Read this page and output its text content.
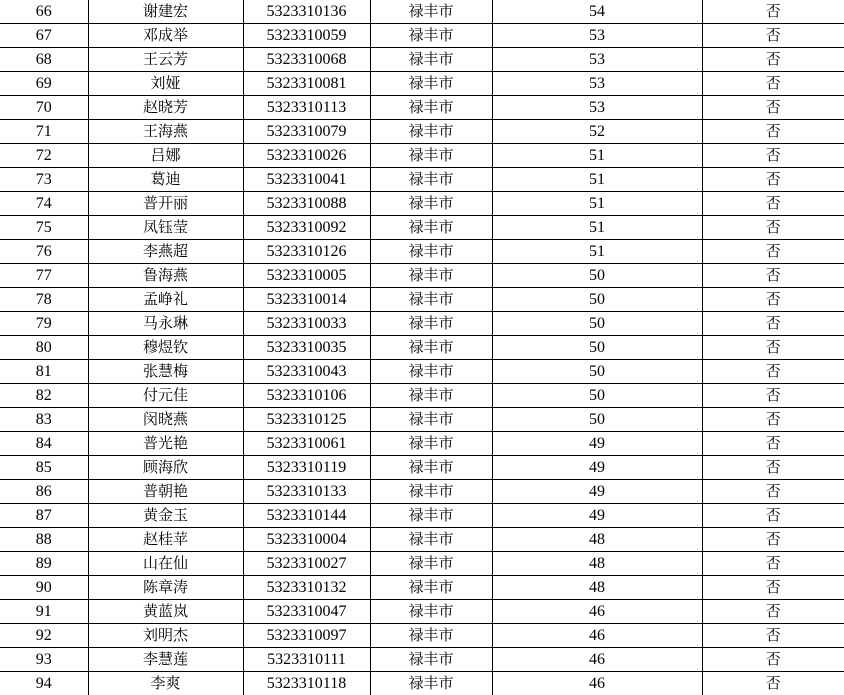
66	谢建宏	5323310136	禄丰市	54	否
67	邓成举	5323310059	禄丰市	53	否
68	王云芳	5323310068	禄丰市	53	否
69	刘娅	5323310081	禄丰市	53	否
70	赵晓芳	5323310113	禄丰市	53	否
71	王海燕	5323310079	禄丰市	52	否
72	吕娜	5323310026	禄丰市	51	否
73	葛迪	5323310041	禄丰市	51	否
74	普开丽	5323310088	禄丰市	51	否
75	凤钰莹	5323310092	禄丰市	51	否
76	李燕超	5323310126	禄丰市	51	否
77	鲁海燕	5323310005	禄丰市	50	否
78	孟峥礼	5323310014	禄丰市	50	否
79	马永琳	5323310033	禄丰市	50	否
80	穆煜钦	5323310035	禄丰市	50	否
81	张慧梅	5323310043	禄丰市	50	否
82	付元佳	5323310106	禄丰市	50	否
83	闵晓燕	5323310125	禄丰市	50	否
84	普光艳	5323310061	禄丰市	49	否
85	顾海欣	5323310119	禄丰市	49	否
86	普朝艳	5323310133	禄丰市	49	否
87	黄金玉	5323310144	禄丰市	49	否
88	赵桂苹	5323310004	禄丰市	48	否
89	山在仙	5323310027	禄丰市	48	否
90	陈章涛	5323310132	禄丰市	48	否
91	黄蓝岚	5323310047	禄丰市	46	否
92	刘明杰	5323310097	禄丰市	46	否
93	李慧莲	5323310111	禄丰市	46	否
94	李爽	5323310118	禄丰市	46	否
